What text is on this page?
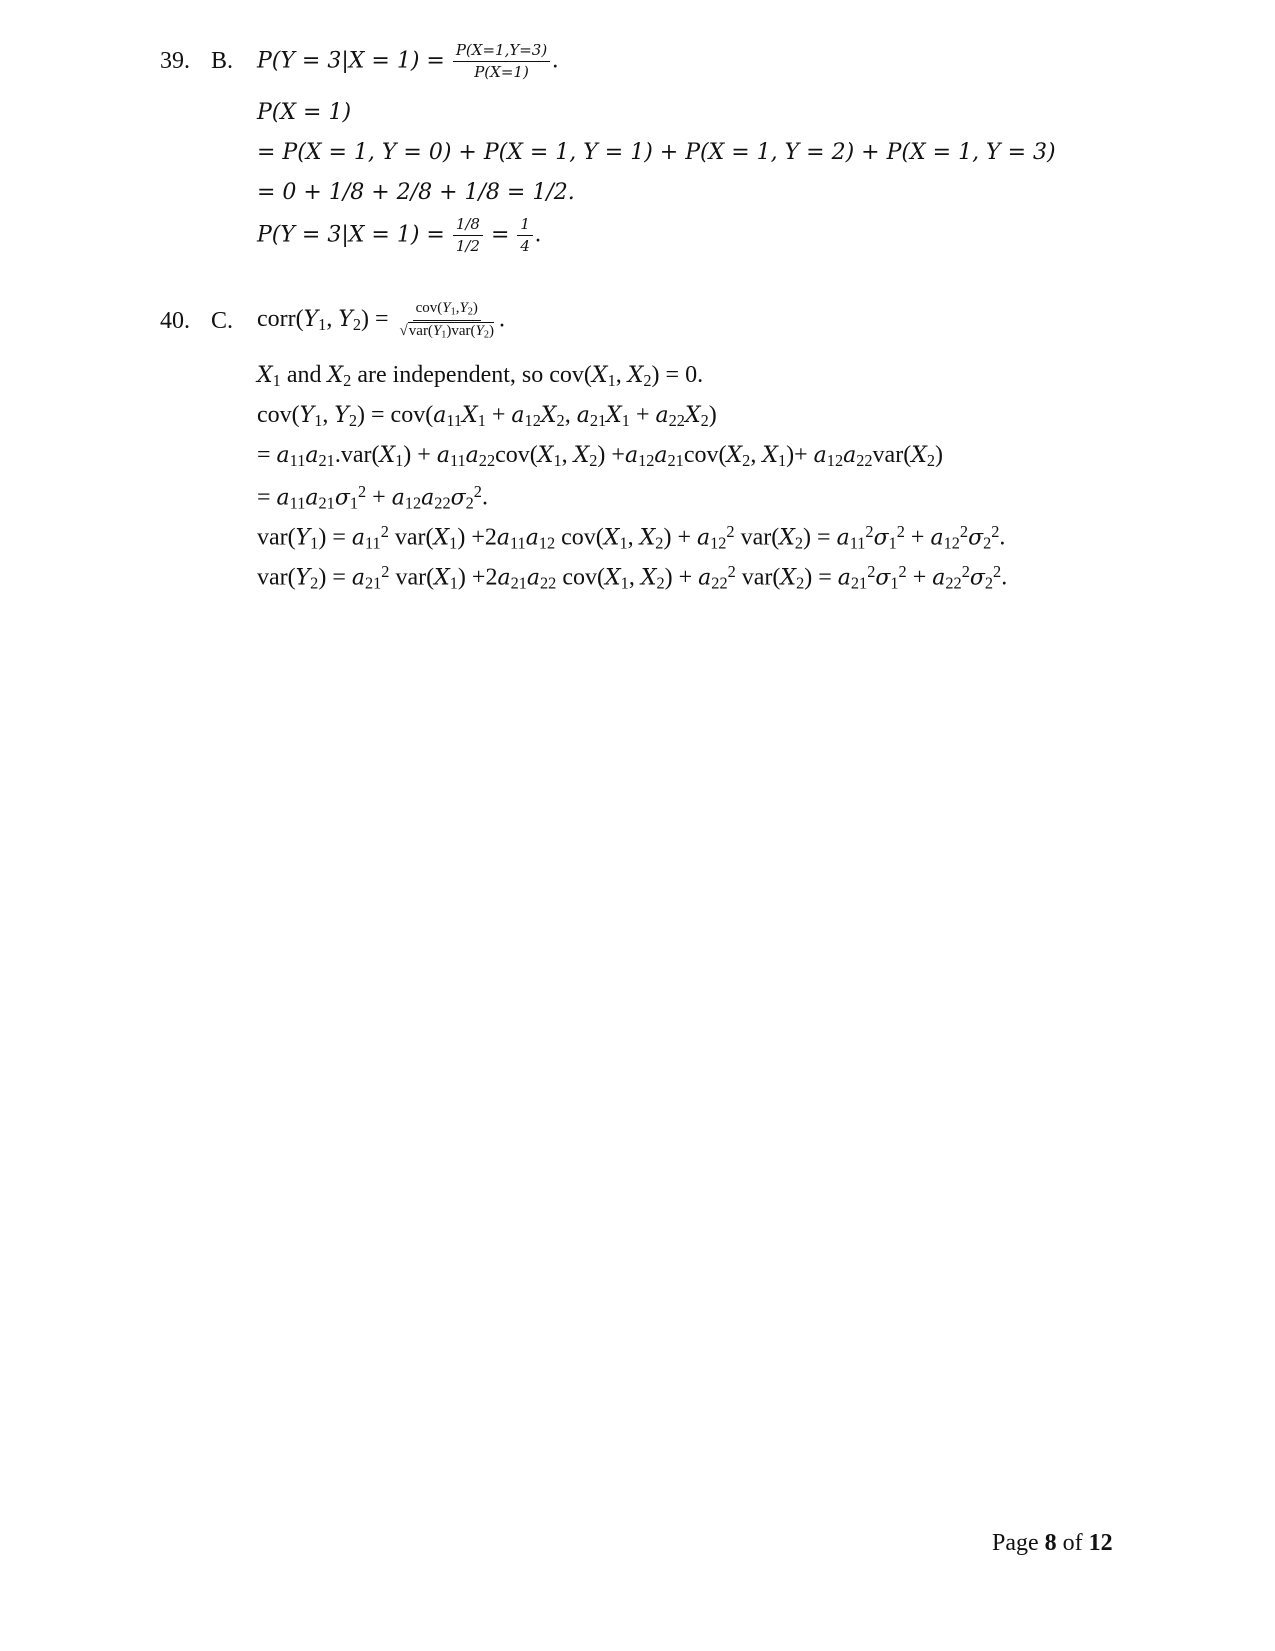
39. B. $P(Y = 3|X = 1) = \frac{P(X=1,Y=3)}{P(X=1)}$ .
P(X = 1)
= P(X = 1, Y = 0) + P(X = 1, Y = 1) + P(X = 1, Y = 2) + P(X = 1, Y = 3)
= 0 + 1/8 + 2/8 + 1/8 = 1/2.
$P(Y = 3|X = 1) = \frac{1/8}{1/2} = \frac{1}{4}$ .
40. C. $corr(Y_1$, $Y_2) = \frac{cov(Y_1,Y_2)}{√var(Y_1)var(Y_2)}$ .
$X_1$ and $X_2$ are independent, so $cov(X_1$, $X_2) = 0$.
$cov(Y_1$, $Y_2) = cov(a_{11}X_1 + a_{12}X_2$, $a_{21}X_1 + a_{22}X_2$)
= $a_{11}a_{21}.var(X_1) + a_{11}a_{22}cov(X_1$, $X_2) +a_{12}a_{21}cov(X_2$, $X_1)+ a_{12}a_{22}var(X_2)$
= $a_{11}a_{21}\sigma_1^2 + a_{12}a_{22}\sigma_2^2$.
$var(Y_1) = a_{11}^2$ $var(X_1) +2a_{11}a_{12}$ $cov(X_1$, $X_2) + a_{12}^2$ $var(X_2) = a_{11}^2\sigma_1^2 + a_{12}^2\sigma_2^2$.
$var(Y_2) = a_{21}^2$ $var(X_1) +2a_{21}a_{22}$ $cov(X_1$, $X_2) + a_{22}^2$ $var(X_2) = a_{21}^2\sigma_1^2 + a_{22}^2\sigma_2^2$.
Page 8 of 12
